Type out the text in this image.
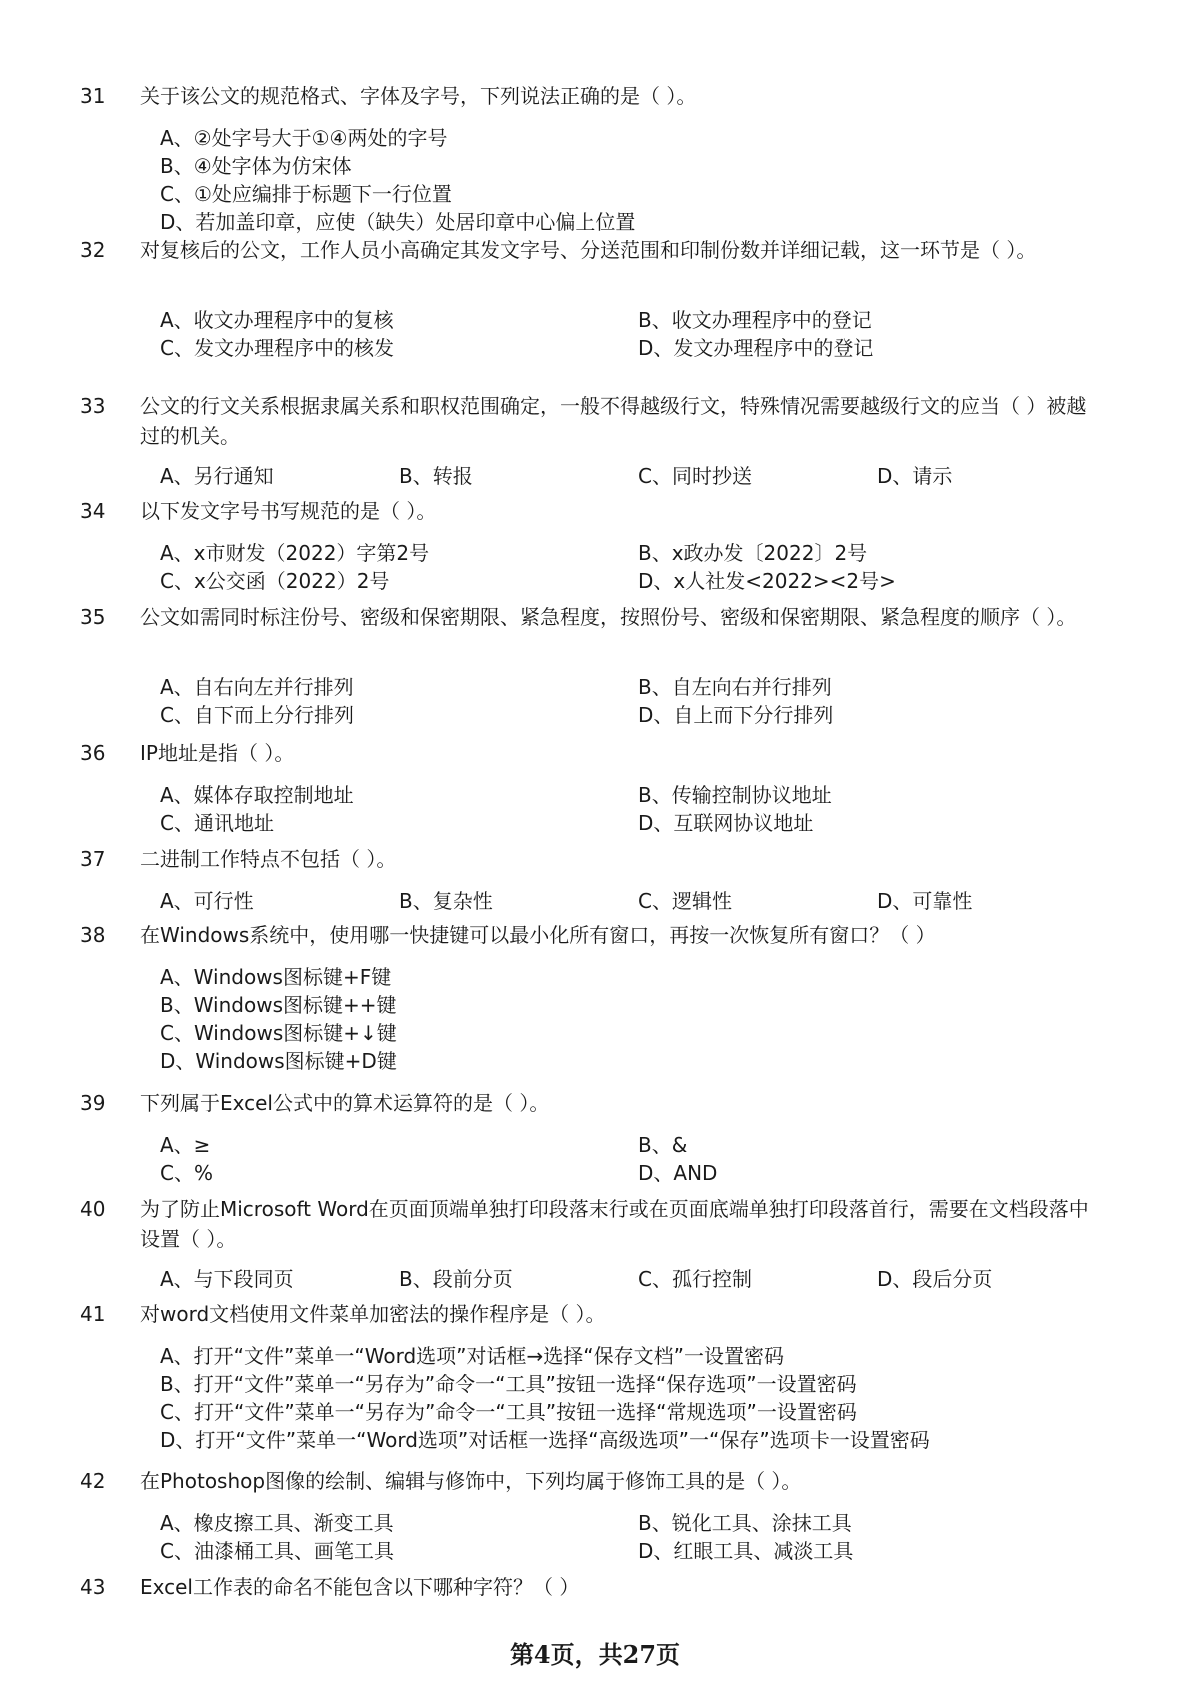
31	关于该公文的规范格式、字体及字号，下列说法正确的是（ ）。
A、②处字号大于①④两处的字号
B、④处字体为仿宋体
C、①处应编排于标题下一行位置
D、若加盖印章，应使（缺失）处居印章中心偏上位置
32	对复核后的公文，工作人员小高确定其发文字号、分送范围和印制份数并详细记载，这一环节是（ ）。
A、收文办理程序中的复核	B、收文办理程序中的登记
C、发文办理程序中的核发	D、发文办理程序中的登记
33	公文的行文关系根据隶属关系和职权范围确定，一般不得越级行文，特殊情况需要越级行文的应当（ ）被越过的机关。
A、另行通知	B、转报	C、同时抄送	D、请示
34	以下发文字号书写规范的是（ ）。
A、x市财发（2022）字第2号	B、x政办发〔2022〕2号
C、x公交函（2022）2号	D、x人社发<2022><2号>
35	公文如需同时标注份号、密级和保密期限、紧急程度，按照份号、密级和保密期限、紧急程度的顺序（ ）。
A、自右向左并行排列	B、自左向右并行排列
C、自下而上分行排列	D、自上而下分行排列
36	IP地址是指（ ）。
A、媒体存取控制地址	B、传输控制协议地址
C、通讯地址	D、互联网协议地址
37	二进制工作特点不包括（ ）。
A、可行性	B、复杂性	C、逻辑性	D、可靠性
38	在Windows系统中，使用哪一快捷键可以最小化所有窗口，再按一次恢复所有窗口？（ ）
A、Windows图标键+F键
B、Windows图标键++键
C、Windows图标键+↓键
D、Windows图标键+D键
39	下列属于Excel公式中的算术运算符的是（ ）。
A、≥	B、&
C、%	D、AND
40	为了防止Microsoft Word在页面顶端单独打印段落末行或在页面底端单独打印段落首行，需要在文档段落中设置（ ）。
A、与下段同页	B、段前分页	C、孤行控制	D、段后分页
41	对word文档使用文件菜单加密法的操作程序是（ ）。
A、打开“文件”菜单一“Word选项”对话框→选择“保存文档”一设置密码
B、打开“文件”菜单一“另存为”命令一“工具”按钮一选择“保存选项”一设置密码
C、打开“文件”菜单一“另存为”命令一“工具”按钮一选择“常规选项”一设置密码
D、打开“文件”菜单一“Word选项”对话框一选择“高级选项”一“保存”选项卡一设置密码
42	在Photoshop图像的绘制、编辑与修饰中，下列均属于修饰工具的是（ ）。
A、橡皮擦工具、渐变工具	B、锐化工具、涂抹工具
C、油漆桶工具、画笔工具	D、红眼工具、减淡工具
43	Excel工作表的命名不能包含以下哪种字符？（ ）
第4页，共27页
